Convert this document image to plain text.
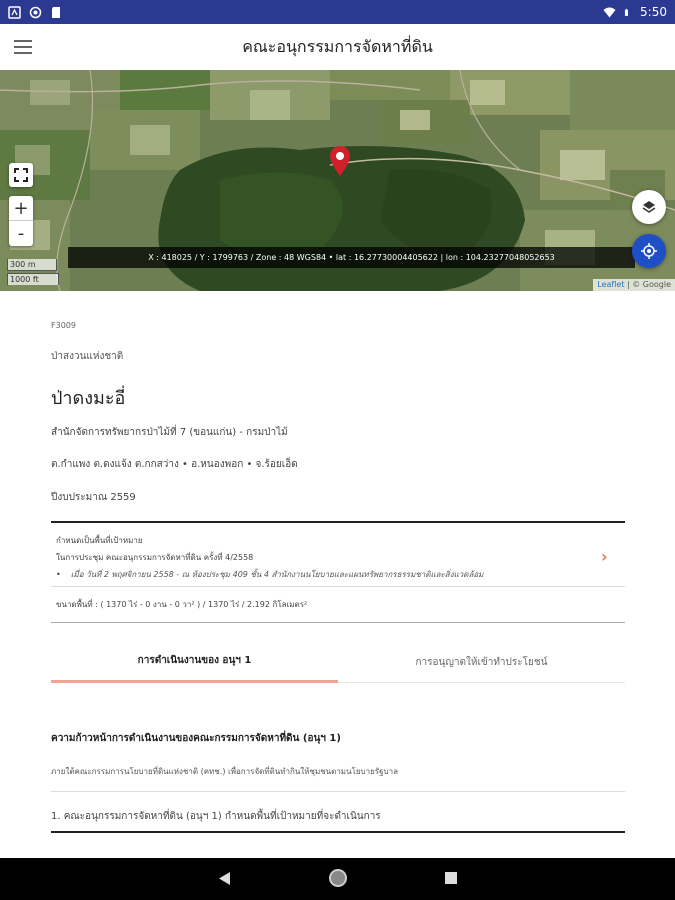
5:50
คณะอนุกรรมการจัดหาที่ดิน
+
-
X : 418025 / Y : 1799763 / Zone : 48 WGS84 • lat : 16.27730004405622 | lon : 104.23277048052653
300 m
1000 ft
Leaflet | © Google
F3009
ป่าสงวนแห่งชาติ
ป่าดงมะอี่
สำนักจัดการทรัพยากรป่าไม้ที่ 7 (ขอนแก่น) - กรมป่าไม้
ต.กำแพง ต.ดงแจ้ง ต.กกสว่าง • อ.หนองพอก • จ.ร้อยเอ็ด
ปีงบประมาณ 2559
กำหนดเป็นพื้นที่เป้าหมาย
ในการประชุม คณะอนุกรรมการจัดหาที่ดิน ครั้งที่ 4/2558
• เมื่อ วันที่ 2 พฤศจิกายน 2558 - ณ ห้องประชุม 409 ชั้น 4 สำนักงานนโยบายและแผนทรัพยากรธรรมชาติและสิ่งแวดล้อม
ขนาดพื้นที่ : ( 1370 ไร่ - 0 งาน - 0 วา² ) / 1370 ไร่ / 2.192 กิโลเมตร²
›
การดำเนินงานของ อนุฯ 1	การอนุญาตให้เข้าทำประโยชน์
ความก้าวหน้าการดำเนินงานของคณะกรรมการจัดหาที่ดิน (อนุฯ 1)
ภายใต้คณะกรรมการนโยบายที่ดินแห่งชาติ (คทช.) เพื่อการจัดที่ดินทำกินให้ชุมชนตามนโยบายรัฐบาล
1. คณะอนุกรรมการจัดหาที่ดิน (อนุฯ 1) กำหนดพื้นที่เป้าหมายที่จะดำเนินการ
